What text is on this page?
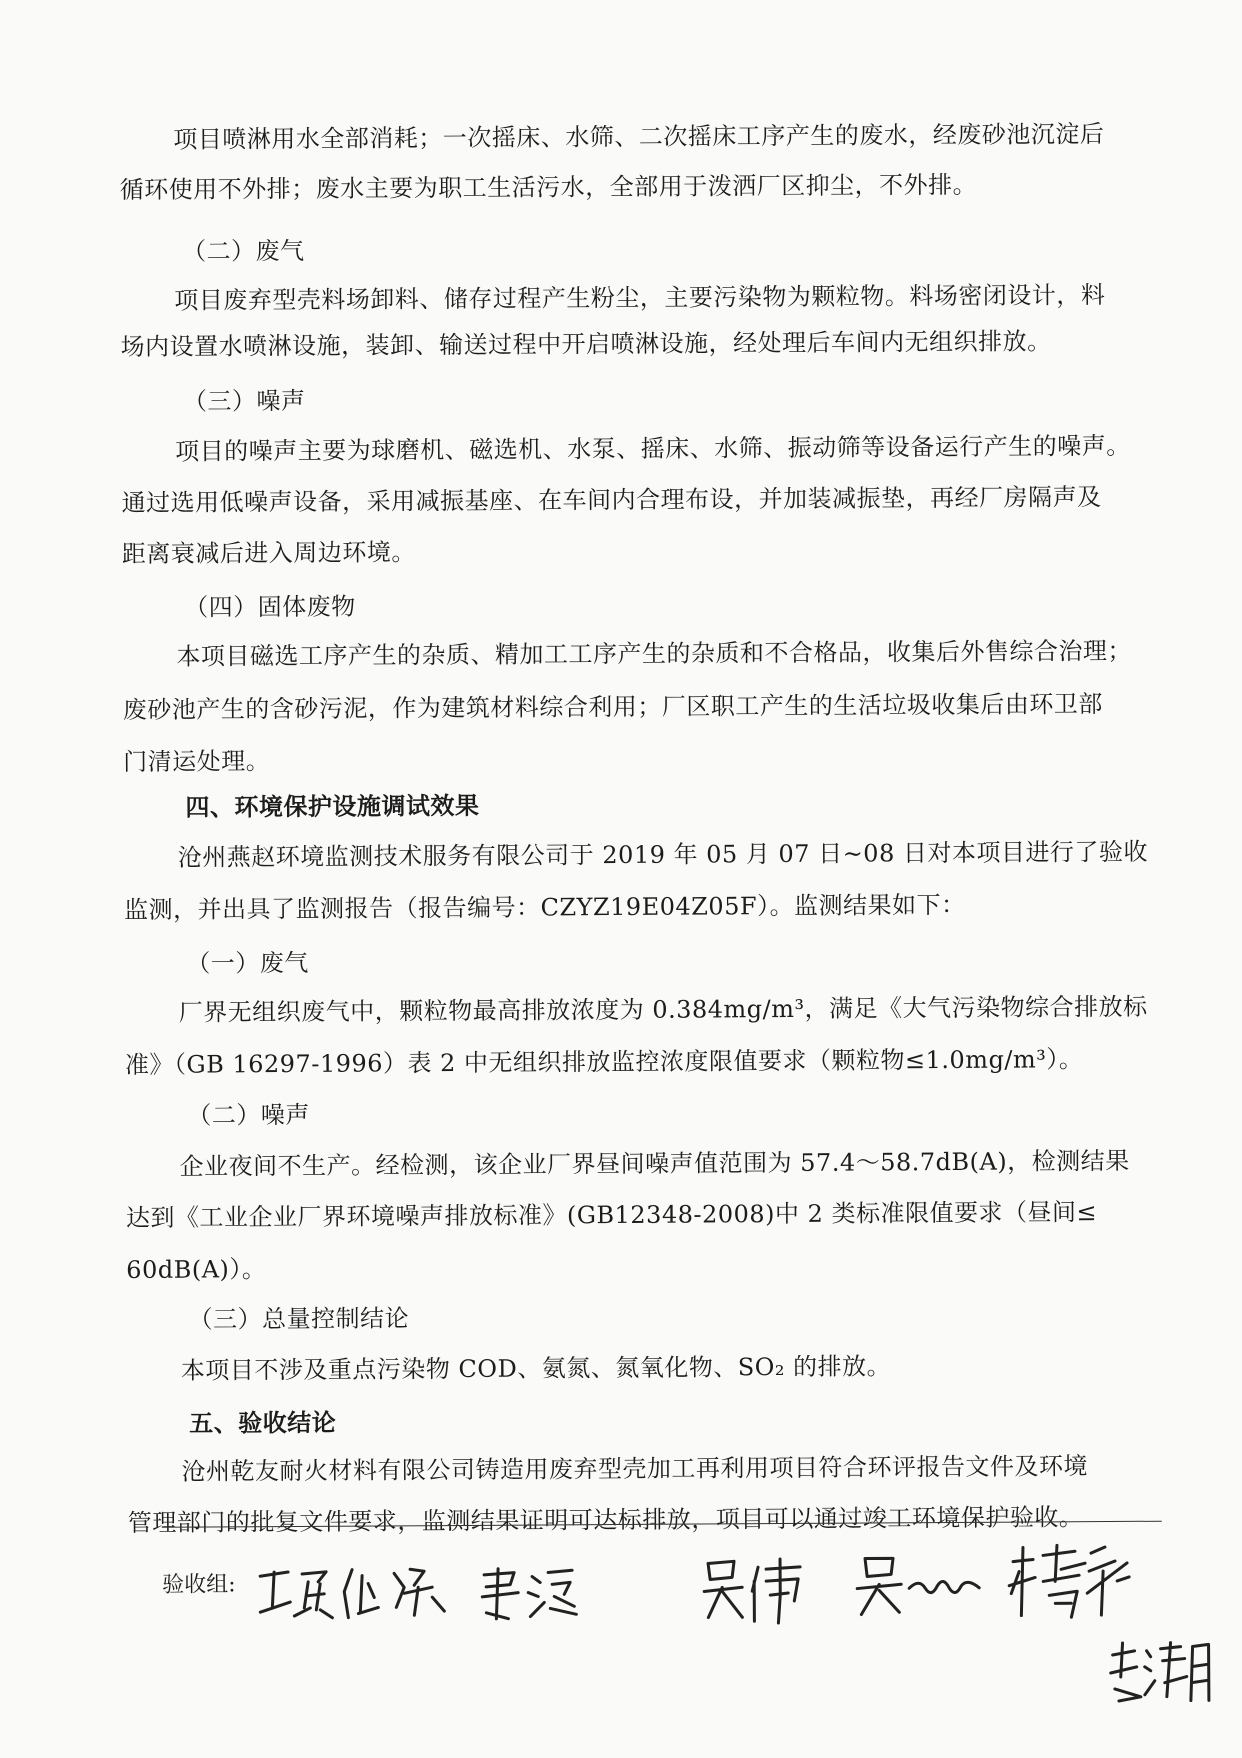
项目喷淋用水全部消耗；一次摇床、水筛、二次摇床工序产生的废水，经废砂池沉淀后
循环使用不外排；废水主要为职工生活污水，全部用于泼洒厂区抑尘，不外排。
（二）废气
项目废弃型壳料场卸料、储存过程产生粉尘，主要污染物为颗粒物。料场密闭设计，料
场内设置水喷淋设施，装卸、输送过程中开启喷淋设施，经处理后车间内无组织排放。
（三）噪声
项目的噪声主要为球磨机、磁选机、水泵、摇床、水筛、振动筛等设备运行产生的噪声。
通过选用低噪声设备，采用减振基座、在车间内合理布设，并加装减振垫，再经厂房隔声及
距离衰减后进入周边环境。
（四）固体废物
本项目磁选工序产生的杂质、精加工工序产生的杂质和不合格品，收集后外售综合治理；
废砂池产生的含砂污泥，作为建筑材料综合利用；厂区职工产生的生活垃圾收集后由环卫部
门清运处理。
四、环境保护设施调试效果
沧州燕赵环境监测技术服务有限公司于 2019 年 05 月 07 日~08 日对本项目进行了验收
监测，并出具了监测报告（报告编号：CZYZ19E04Z05F）。监测结果如下：
（一）废气
厂界无组织废气中，颗粒物最高排放浓度为 0.384mg/m³，满足《大气污染物综合排放标
准》（GB 16297-1996）表 2 中无组织排放监控浓度限值要求（颗粒物≤1.0mg/m³）。
（二）噪声
企业夜间不生产。经检测，该企业厂界昼间噪声值范围为 57.4～58.7dB(A)，检测结果
达到《工业企业厂界环境噪声排放标准》(GB12348-2008)中 2 类标准限值要求（昼间≤
60dB(A)）。
（三）总量控制结论
本项目不涉及重点污染物 COD、氨氮、氮氧化物、SO₂ 的排放。
五、验收结论
沧州乾友耐火材料有限公司铸造用废弃型壳加工再利用项目符合环评报告文件及环境
管理部门的批复文件要求，监测结果证明可达标排放，项目可以通过竣工环境保护验收。
验收组:
